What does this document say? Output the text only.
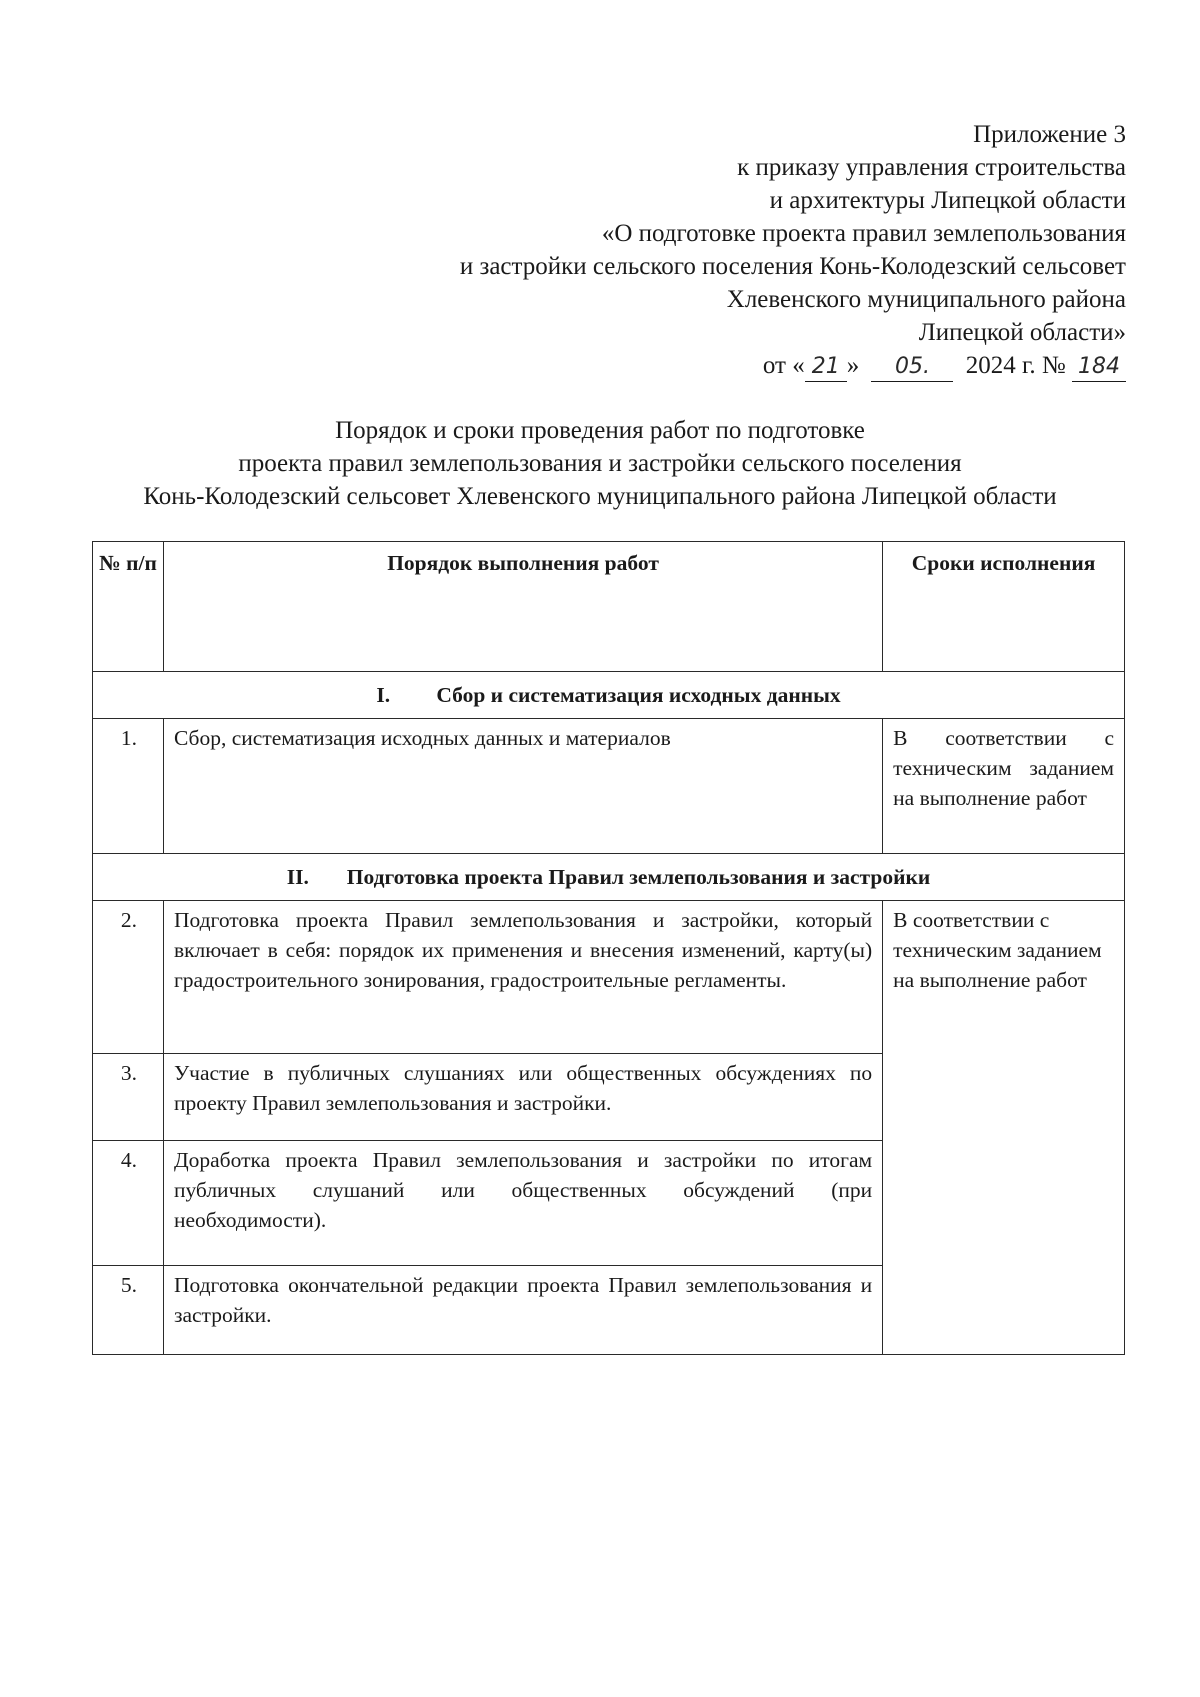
Приложение 3
к приказу управления строительства
и архитектуры Липецкой области
«О подготовке проекта правил землепользования
и застройки сельского поселения Конь-Колодезский сельсовет
Хлевенского муниципального района
Липецкой области»
от « 21 » 05. 2024 г. № 184
Порядок и сроки проведения работ по подготовке
проекта правил землепользования и застройки сельского поселения
Конь-Колодезский сельсовет Хлевенского муниципального района Липецкой области
№ п/п	Порядок выполнения работ	Сроки исполнения
I. Сбор и систематизация исходных данных		
1.	Сбор, систематизация исходных данных и материалов	В соответствии с техническим заданием на выполнение работ
II. Подготовка проекта Правил землепользования и застройки		
2.	Подготовка проекта Правил землепользования и застройки, который включает в себя: порядок их применения и внесения изменений, карту(ы) градостроительного зонирования, градостроительные регламенты.	В соответствии с техническим заданием на выполнение работ
3.	Участие в публичных слушаниях или общественных обсуждениях по проекту Правил землепользования и застройки.	
4.	Доработка проекта Правил землепользования и застройки по итогам публичных слушаний или общественных обсуждений (при необходимости).	
5.	Подготовка окончательной редакции проекта Правил землепользования и застройки.	
